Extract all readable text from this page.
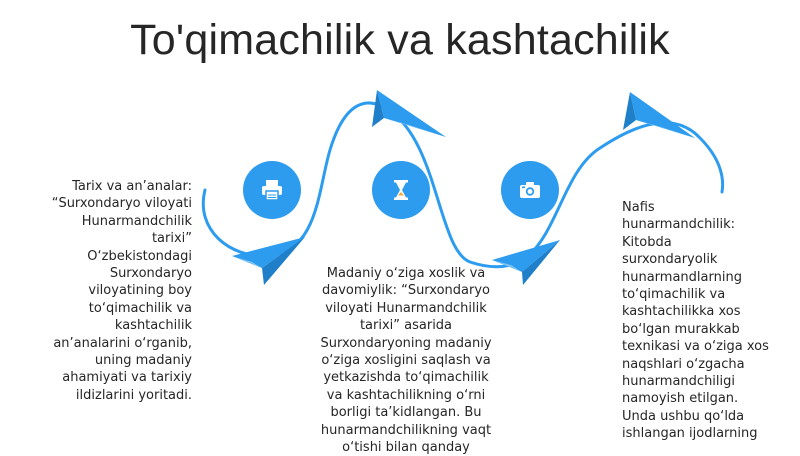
To'qimachilik va kashtachilik
Tarix va an’analar:
“Surxondaryo viloyati
Hunarmandchilik
tarixi”
O‘zbekistondagi
Surxondaryo
viloyatining boy
to‘qimachilik va
kashtachilik
an’analarini o‘rganib,
uning madaniy
ahamiyati va tarixiy
ildizlarini yoritadi.
Madaniy o‘ziga xoslik va
davomiylik: “Surxondaryo
viloyati Hunarmandchilik
tarixi” asarida
Surxondaryoning madaniy
o‘ziga xosligini saqlash va
yetkazishda to‘qimachilik
va kashtachilikning o‘rni
borligi ta’kidlangan. Bu
hunarmandchilikning vaqt
o‘tishi bilan qanday
Nafis
hunarmandchilik:
Kitobda
surxondaryolik
hunarmandlarning
to‘qimachilik va
kashtachilikka xos
bo‘lgan murakkab
texnikasi va o‘ziga xos
naqshlari o‘zgacha
hunarmandchiligi
namoyish etilgan.
Unda ushbu qo‘lda
ishlangan ijodlarning
